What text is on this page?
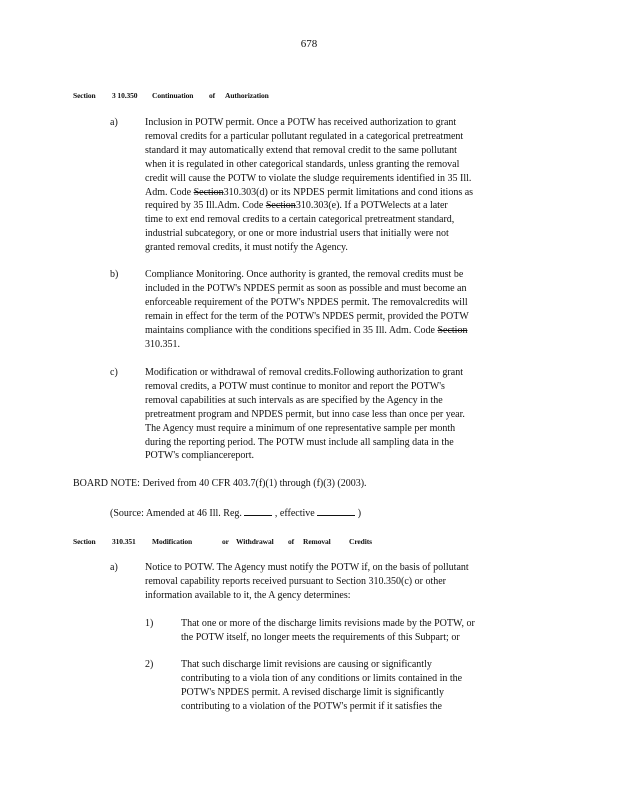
678
Section 3 10.350 Continuation of Authorization
a)	Inclusion in POTW permit. Once a POTW has received authorization to grant
removal credits for a particular pollutant regulated in a categorical pretreatment
standard it may automatically extend that removal credit to the same pollutant
when it is regulated in other categorical standards, unless granting the removal
credit will cause the POTW to violate the sludge requirements identified in 35 Ill.
Adm. Code Section310.303(d) or its NPDES permit limitations and cond itions as
required by 35 Ill.Adm. Code Section310.303(e). If a POTWelects at a later
time to ext end removal credits to a certain categorical pretreatment standard,
industrial subcategory, or one or more industrial users that initially were not
granted removal credits, it must notify the Agency.
b)	Compliance Monitoring. Once authority is granted, the removal credits must be
included in the POTW's NPDES permit as soon as possible and must become an
enforceable requirement of the POTW's NPDES permit. The removalcredits will
remain in effect for the term of the POTW's NPDES permit, provided the POTW
maintains compliance with the conditions specified in 35 Ill. Adm. Code Section
310.351.
c)	Modification or withdrawal of removal credits.Following authorization to grant
removal credits, a POTW must continue to monitor and report the POTW's
removal capabilities at such intervals as are specified by the Agency in the
pretreatment program and NPDES permit, but inno case less than once per year.
The Agency must require a minimum of one representative sample per month
during the reporting period. The POTW must include all sampling data in the
POTW's compliancereport.
BOARD NOTE: Derived from 40 CFR 403.7(f)(1) through (f)(3) (2003).
(Source: Amended at 46 Ill. Reg.	, effective	)
Section 310.351 Modification	or Withdrawal of Removal Credits
a)	Notice to POTW. The Agency must notify the POTW if, on the basis of pollutant
removal capability reports received pursuant to Section 310.350(c) or other
information available to it, the A gency determines:
1)	That one or more of the discharge limits revisions made by the POTW, or
the POTW itself, no longer meets the requirements of this Subpart; or
2)	That such discharge limit revisions are causing or significantly
contributing to a viola tion of any conditions or limits contained in the
POTW's NPDES permit. A revised discharge limit is significantly
contributing to a violation of the POTW's permit if it satisfies the
